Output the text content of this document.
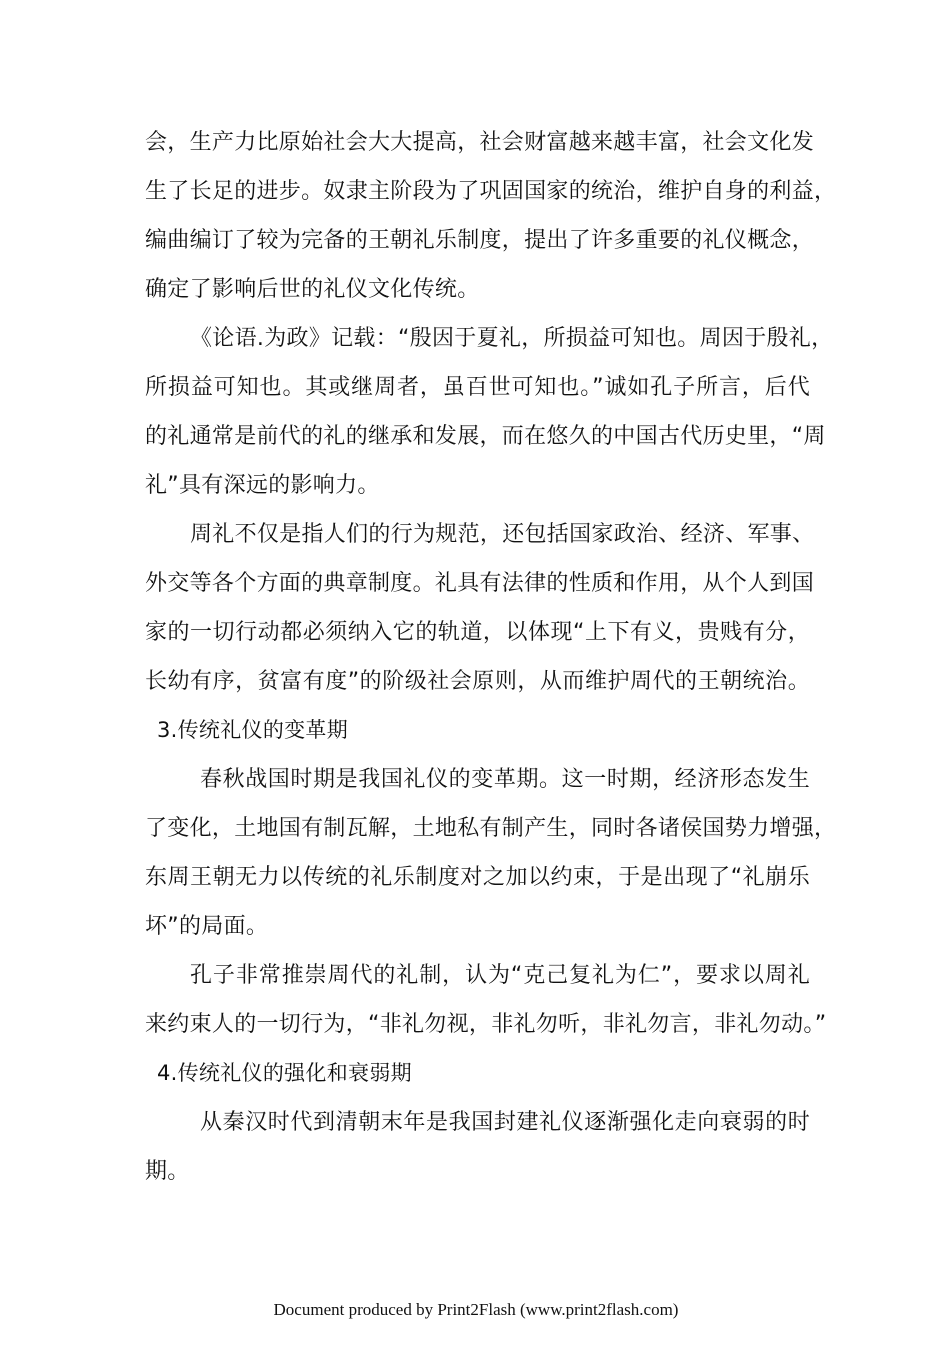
会，生产力比原始社会大大提高，社会财富越来越丰富，社会文化发
生了长足的进步。奴隶主阶段为了巩固国家的统治，维护自身的利益，
编曲编订了较为完备的王朝礼乐制度，提出了许多重要的礼仪概念，
确定了影响后世的礼仪文化传统。
《论语.为政》记载：“殷因于夏礼，所损益可知也。周因于殷礼，
所损益可知也。其或继周者，虽百世可知也。”诚如孔子所言，后代
的礼通常是前代的礼的继承和发展，而在悠久的中国古代历史里，“周
礼”具有深远的影响力。
周礼不仅是指人们的行为规范，还包括国家政治、经济、军事、
外交等各个方面的典章制度。礼具有法律的性质和作用，从个人到国
家的一切行动都必须纳入它的轨道，以体现“上下有义，贵贱有分，
长幼有序，贫富有度”的阶级社会原则，从而维护周代的王朝统治。
3.传统礼仪的变革期
春秋战国时期是我国礼仪的变革期。这一时期，经济形态发生
了变化，土地国有制瓦解，土地私有制产生，同时各诸侯国势力增强，
东周王朝无力以传统的礼乐制度对之加以约束，于是出现了“礼崩乐
坏”的局面。
孔子非常推崇周代的礼制，认为“克己复礼为仁”，要求以周礼
来约束人的一切行为，“非礼勿视，非礼勿听，非礼勿言，非礼勿动。”
4.传统礼仪的强化和衰弱期
从秦汉时代到清朝末年是我国封建礼仪逐渐强化走向衰弱的时
期。
Document produced by Print2Flash (www.print2flash.com)
